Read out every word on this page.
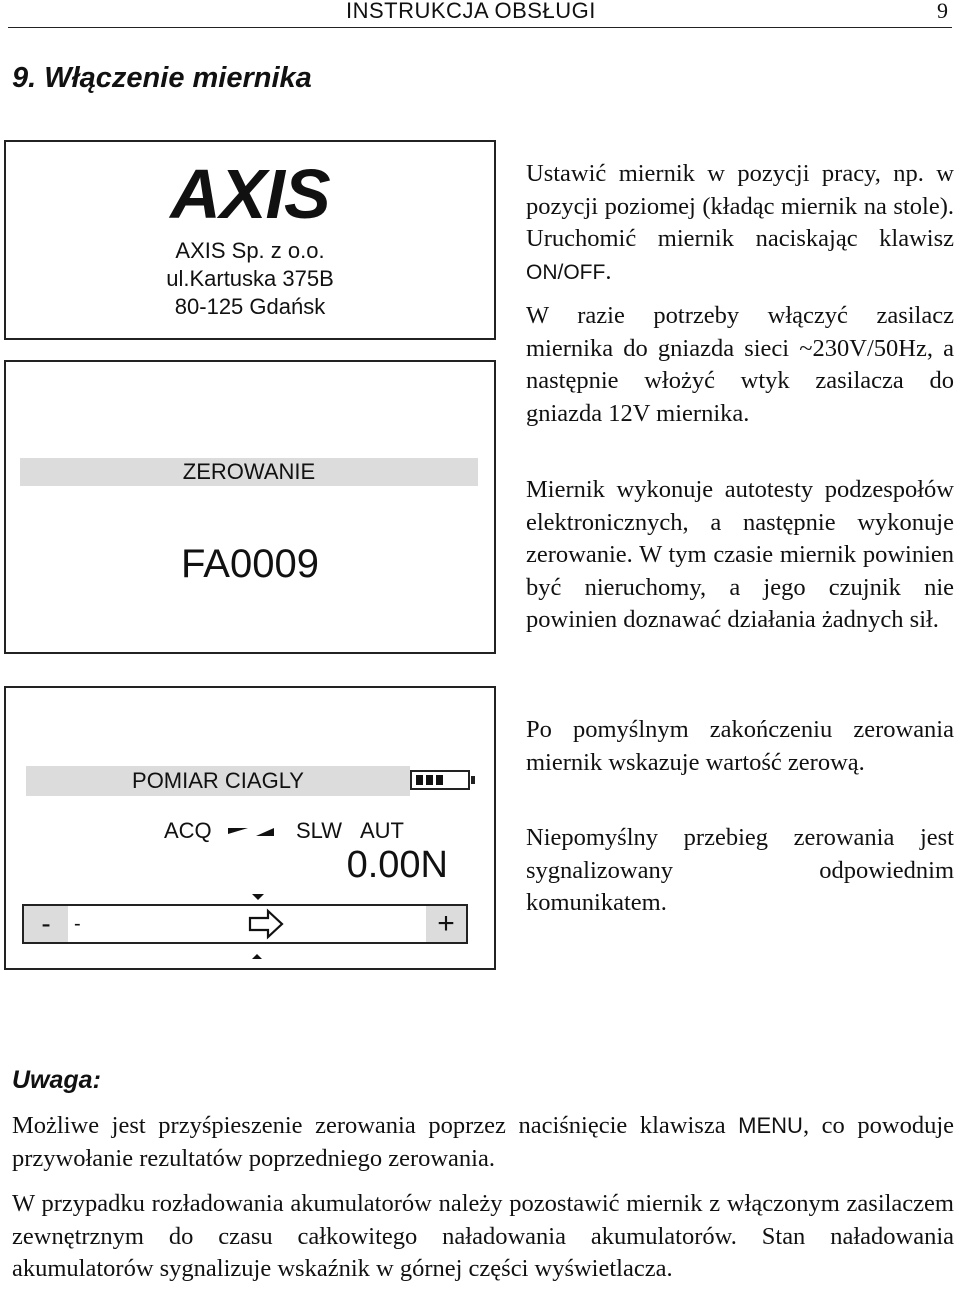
INSTRUKCJA OBSŁUGI	9
9. Włączenie miernika
AXIS
AXIS Sp. z o.o.
ul.Kartuska 375B
80-125 Gdańsk
ZEROWANIE
FA0009
POMIAR CIAGLY
ACQ	SLW AUT
0.00N
-	-	+

Ustawić miernik w pozycji pracy, np. w pozycji poziomej (kładąc miernik na stole). Uruchomić miernik naciskając klawisz ON/OFF.

W razie potrzeby włączyć zasilacz miernika do gniazda sieci ~230V/50Hz, a następnie włożyć wtyk zasilacza do gniazda 12V miernika.

Miernik wykonuje autotesty podzespołów elektronicznych, a następnie wykonuje zerowanie. W tym czasie miernik powinien być nieruchomy, a jego czujnik nie powinien doznawać działania żadnych sił.

Po pomyślnym zakończeniu zerowania miernik wskazuje wartość zerową.

Niepomyślny przebieg zerowania jest sygnalizowany odpowiednim komunikatem.

Uwaga:

Możliwe jest przyśpieszenie zerowania poprzez naciśnięcie klawisza MENU, co powoduje przywołanie rezultatów poprzedniego zerowania.

W przypadku rozładowania akumulatorów należy pozostawić miernik z włączonym zasilaczem zewnętrznym do czasu całkowitego naładowania akumulatorów. Stan naładowania akumulatorów sygnalizuje wskaźnik w górnej części wyświetlacza.
